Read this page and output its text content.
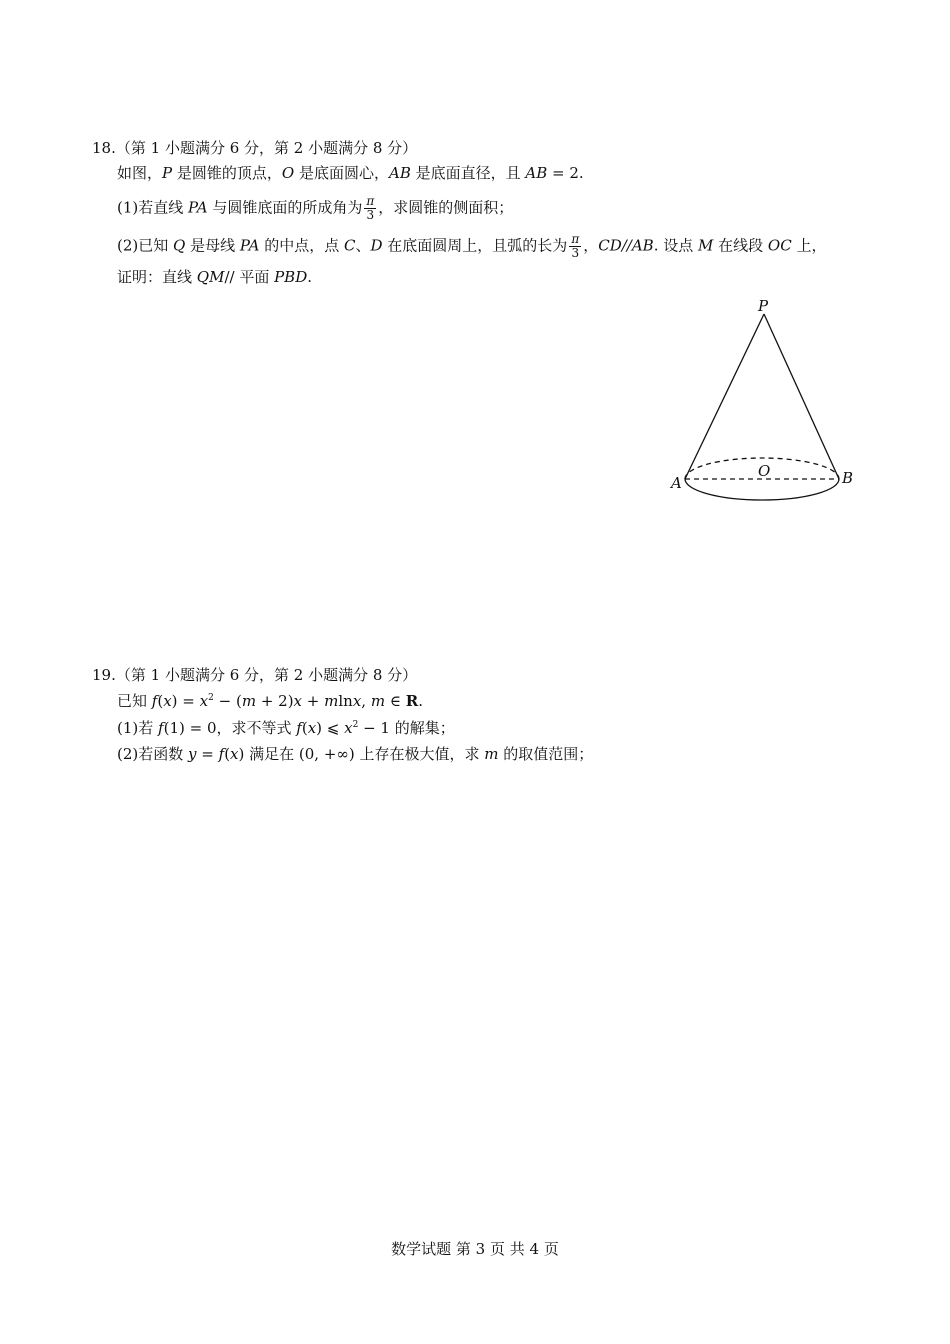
18.（第 1 小题满分 6 分，第 2 小题满分 8 分）
如图，P 是圆锥的顶点，O 是底面圆心，AB 是底面直径，且 AB = 2.
(1)若直线 PA 与圆锥底面的所成角为 $\frac{\pi}{3}$ ，求圆锥的侧面积；
(2)已知 Q 是母线 PA 的中点，点 C、D 在底面圆周上，且弧的长为 $\frac{\pi}{3}$ ，CD//AB. 设点 M 在线段 OC 上，
证明：直线 QM// 平面 PBD.
P
O
A	B
19.（第 1 小题满分 6 分，第 2 小题满分 8 分）
已知 $f(x) = x^2 - (m + 2)x + mlnx$, m ∈ R.
(1)若 f(1) = 0，求不等式 f(x) ⩽ $x^2 - 1$ 的解集；
(2)若函数 y = f(x) 满足在 (0, +∞) 上存在极大值，求 m 的取值范围；
数学试题 第 3 页 共 4 页
